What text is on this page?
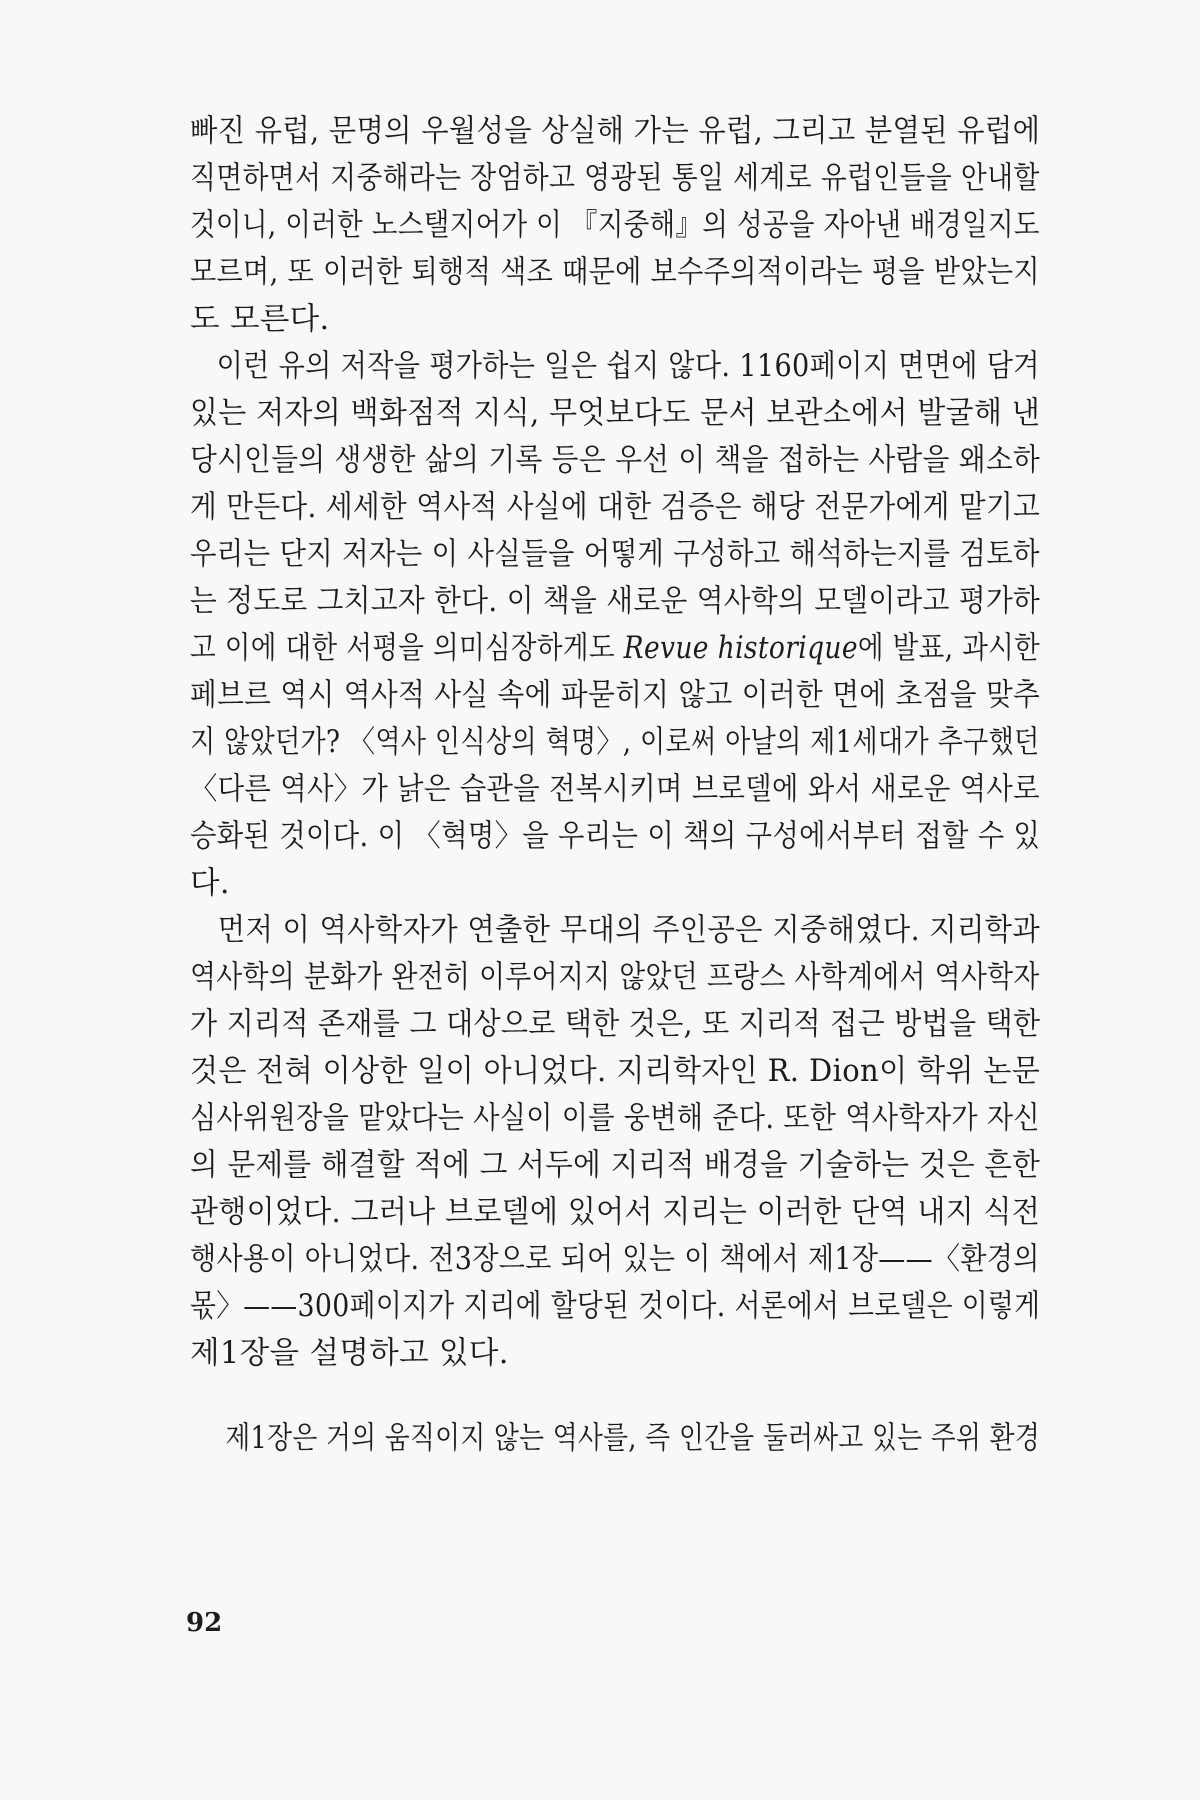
빠진 유럽, 문명의 우월성을 상실해 가는 유럽, 그리고 분열된 유럽에
직면하면서 지중해라는 장엄하고 영광된 통일 세계로 유럽인들을 안내할
것이니, 이러한 노스탤지어가 이 『지중해』의 성공을 자아낸 배경일지도
모르며, 또 이러한 퇴행적 색조 때문에 보수주의적이라는 평을 받았는지
도 모른다.
이런 유의 저작을 평가하는 일은 쉽지 않다. 1160페이지 면면에 담겨
있는 저자의 백화점적 지식, 무엇보다도 문서 보관소에서 발굴해 낸
당시인들의 생생한 삶의 기록 등은 우선 이 책을 접하는 사람을 왜소하
게 만든다. 세세한 역사적 사실에 대한 검증은 해당 전문가에게 맡기고
우리는 단지 저자는 이 사실들을 어떻게 구성하고 해석하는지를 검토하
는 정도로 그치고자 한다. 이 책을 새로운 역사학의 모델이라고 평가하
고 이에 대한 서평을 의미심장하게도 Revue historique에 발표, 과시한
페브르 역시 역사적 사실 속에 파묻히지 않고 이러한 면에 초점을 맞추
지 않았던가? 〈역사 인식상의 혁명〉, 이로써 아날의 제1세대가 추구했던
〈다른 역사〉가 낡은 습관을 전복시키며 브로델에 와서 새로운 역사로
승화된 것이다. 이 〈혁명〉을 우리는 이 책의 구성에서부터 접할 수 있
다.
먼저 이 역사학자가 연출한 무대의 주인공은 지중해였다. 지리학과
역사학의 분화가 완전히 이루어지지 않았던 프랑스 사학계에서 역사학자
가 지리적 존재를 그 대상으로 택한 것은, 또 지리적 접근 방법을 택한
것은 전혀 이상한 일이 아니었다. 지리학자인 R. Dion이 학위 논문
심사위원장을 맡았다는 사실이 이를 웅변해 준다. 또한 역사학자가 자신
의 문제를 해결할 적에 그 서두에 지리적 배경을 기술하는 것은 흔한
관행이었다. 그러나 브로델에 있어서 지리는 이러한 단역 내지 식전
행사용이 아니었다. 전3장으로 되어 있는 이 책에서 제1장——〈환경의
몫〉——300페이지가 지리에 할당된 것이다. 서론에서 브로델은 이렇게
제1장을 설명하고 있다.
제1장은 거의 움직이지 않는 역사를, 즉 인간을 둘러싸고 있는 주위 환경
92
